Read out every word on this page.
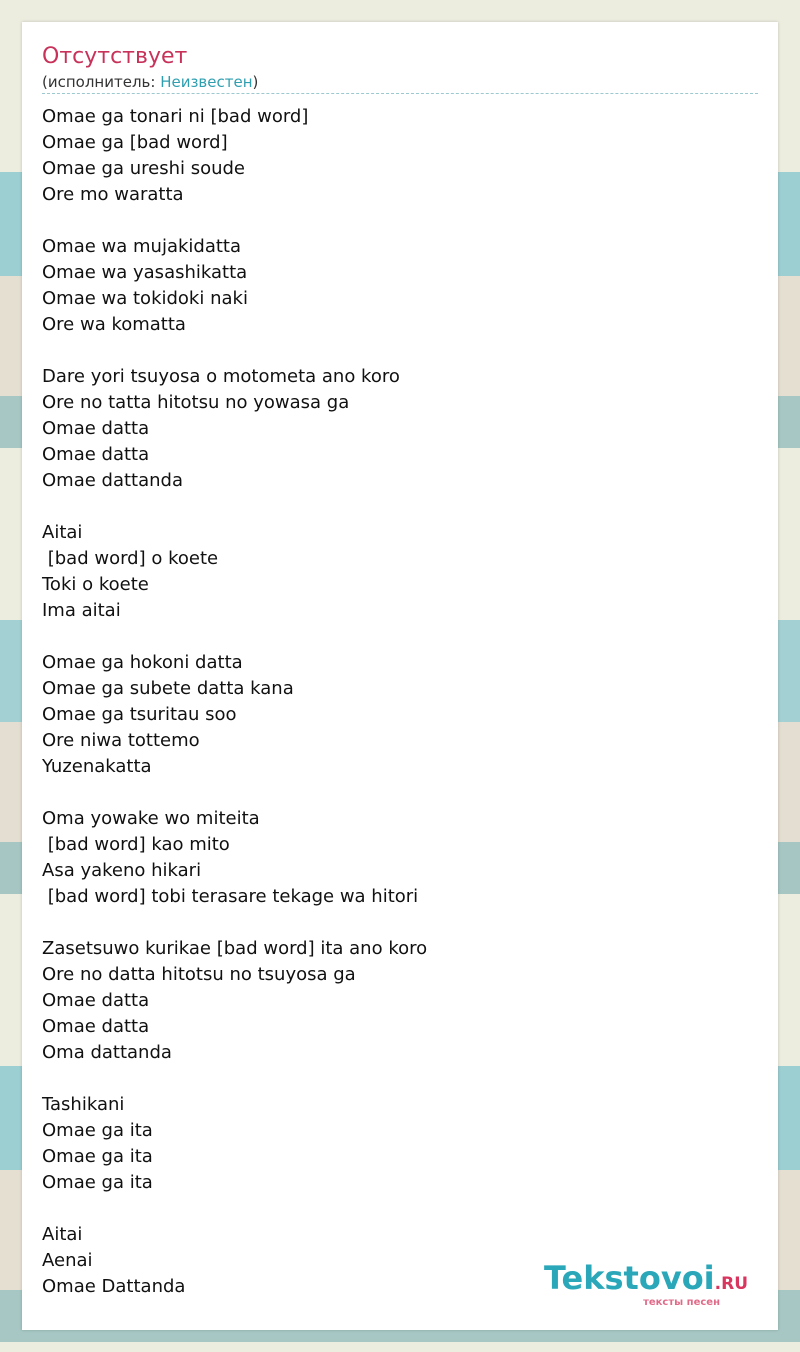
Отсутствует
(исполнитель: Неизвестен)
Omae ga tonari ni [bad word]
Omae ga [bad word]
Omae ga ureshi soude
Ore mo waratta
Omae wa mujakidatta
Omae wa yasashikatta
Omae wa tokidoki naki
Ore wa komatta
Dare yori tsuyosa o motometa ano koro
Ore no tatta hitotsu no yowasa ga
Omae datta
Omae datta
Omae dattanda
Aitai
[bad word] o koete
Toki o koete
Ima aitai
Omae ga hokoni datta
Omae ga subete datta kana
Omae ga tsuritau soo
Ore niwa tottemo
Yuzenakatta
Oma yowake wo miteita
[bad word] kao mito
Asa yakeno hikari
[bad word] tobi terasare tekage wa hitori
Zasetsuwo kurikae [bad word] ita ano koro
Ore no datta hitotsu no tsuyosa ga
Omae datta
Omae datta
Oma dattanda
Tashikani
Omae ga ita
Omae ga ita
Omae ga ita
Aitai
Aenai
Omae Dattanda	Tekstovoi.RU
тексты песен
